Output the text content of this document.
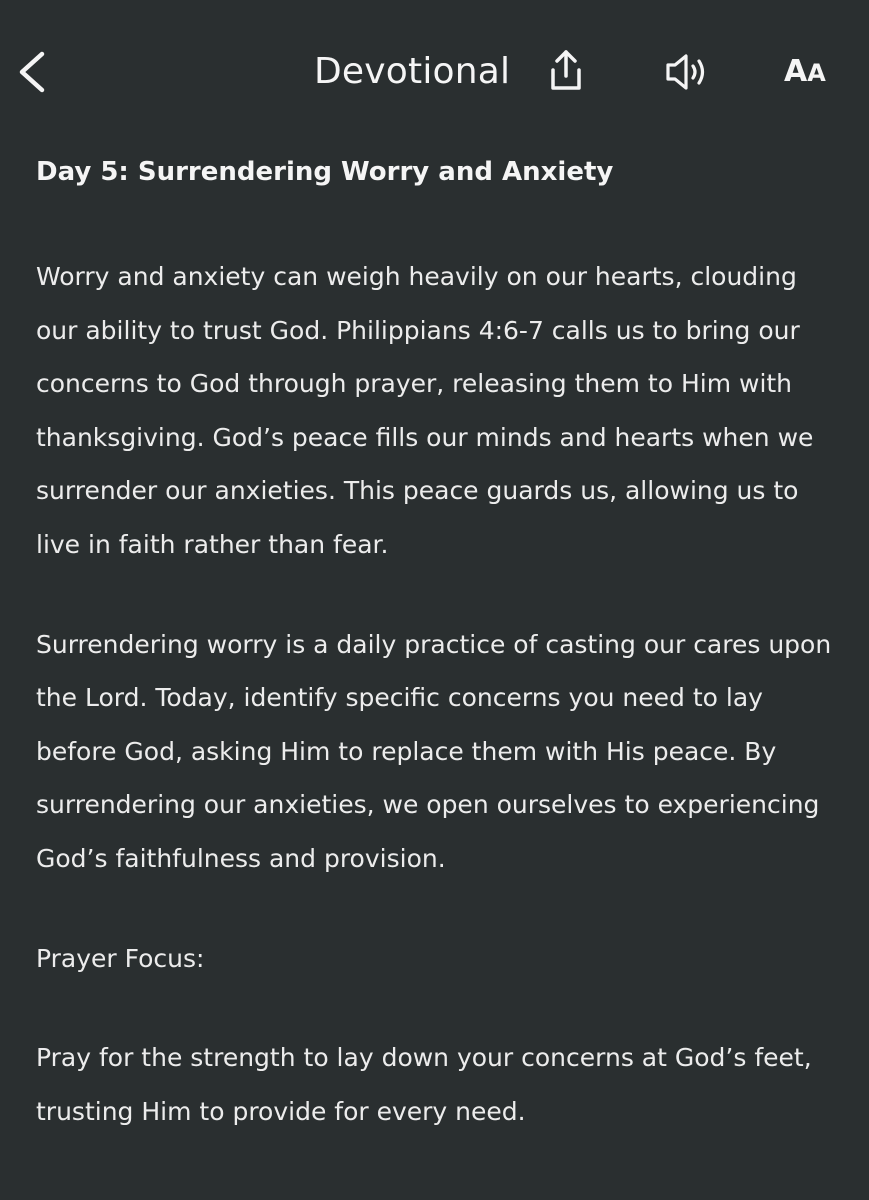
Devotional	AA
Day 5: Surrendering Worry and Anxiety

Worry and anxiety can weigh heavily on our hearts, clouding our ability to trust God. Philippians 4:6-7 calls us to bring our concerns to God through prayer, releasing them to Him with thanksgiving. God’s peace fills our minds and hearts when we surrender our anxieties. This peace guards us, allowing us to live in faith rather than fear.

Surrendering worry is a daily practice of casting our cares upon the Lord. Today, identify specific concerns you need to lay before God, asking Him to replace them with His peace. By surrendering our anxieties, we open ourselves to experiencing God’s faithfulness and provision.

Prayer Focus:

Pray for the strength to lay down your concerns at God’s feet, trusting Him to provide for every need.
